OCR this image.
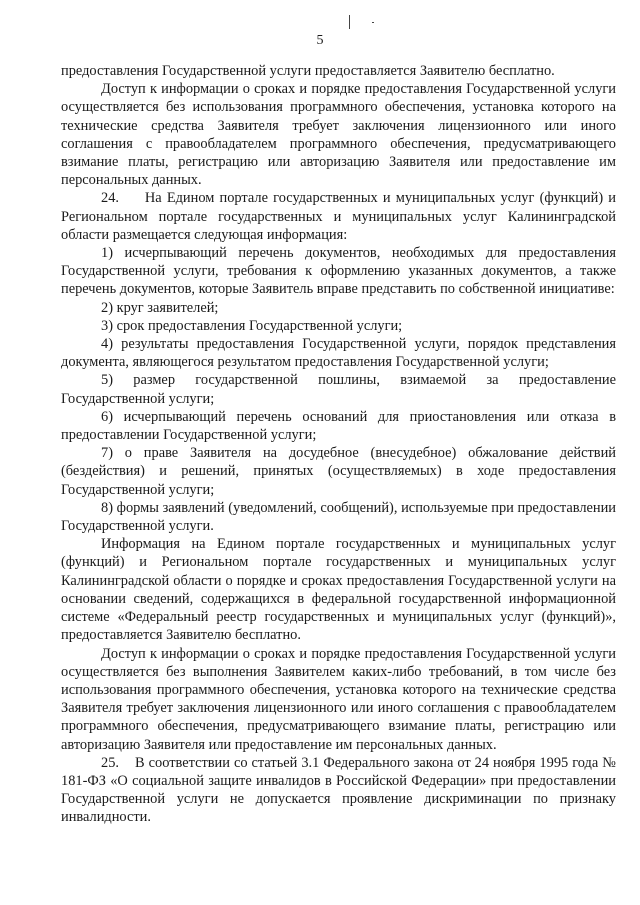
5

предоставления Государственной услуги предоставляется Заявителю бесплатно.

Доступ к информации о сроках и порядке предоставления Государственной услуги осуществляется без использования программного обеспечения, установка которого на технические средства Заявителя требует заключения лицензионного или иного соглашения с правообладателем программного обеспечения, предусматривающего взимание платы, регистрацию или авторизацию Заявителя или предоставление им персональных данных.

24.     На Едином портале государственных и муниципальных услуг (функций) и Региональном портале государственных и муниципальных услуг Калининградской области размещается следующая информация:

1) исчерпывающий перечень документов, необходимых для предоставления Государственной услуги, требования к оформлению указанных документов, а также перечень документов, которые Заявитель вправе представить по собственной инициативе:

2) круг заявителей;

3) срок предоставления Государственной услуги;

4) результаты предоставления Государственной услуги, порядок представления документа, являющегося результатом предоставления Государственной услуги;

5) размер государственной пошлины, взимаемой за предоставление Государственной услуги;

6) исчерпывающий перечень оснований для приостановления или отказа в предоставлении Государственной услуги;

7) о праве Заявителя на досудебное (внесудебное) обжалование действий (бездействия) и решений, принятых (осуществляемых) в ходе предоставления Государственной услуги;

8) формы заявлений (уведомлений, сообщений), используемые при предоставлении Государственной услуги.

Информация на Едином портале государственных и муниципальных услуг (функций) и Региональном портале государственных и муниципальных услуг Калининградской области о порядке и сроках предоставления Государственной услуги на основании сведений, содержащихся в федеральной государственной информационной системе «Федеральный реестр государственных и муниципальных услуг (функций)», предоставляется Заявителю бесплатно.

Доступ к информации о сроках и порядке предоставления Государственной услуги осуществляется без выполнения Заявителем каких-либо требований, в том числе без использования программного обеспечения, установка которого на технические средства Заявителя требует заключения лицензионного или иного соглашения с правообладателем программного обеспечения, предусматривающего взимание платы, регистрацию или авторизацию Заявителя или предоставление им персональных данных.

25.    В соответствии со статьей 3.1 Федерального закона от 24 ноября 1995 года № 181-ФЗ «О социальной защите инвалидов в Российской Федерации» при предоставлении Государственной услуги не допускается проявление дискриминации по признаку инвалидности.
